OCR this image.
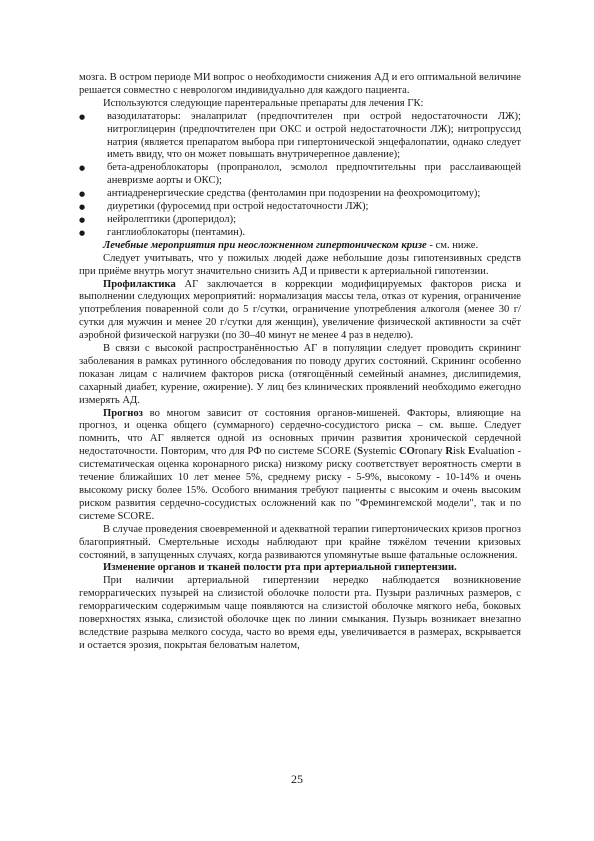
мозга. В остром периоде МИ вопрос о необходимости снижения АД и его оптимальной величине решается совместно с неврологом индивидуально для каждого пациента.

Используются следующие парентеральные препараты для лечения ГК:

●	вазодилататоры: эналаприлат (предпочтителен при острой недостаточности ЛЖ); нитроглицерин (предпочтителен при ОКС и острой недостаточности ЛЖ); нитропруссид натрия (является препаратом выбора при гипертонической энцефалопатии, однако следует иметь ввиду, что он может повышать внутричерепное давление);
●	бета-адреноблокаторы (пропранолол, эсмолол предпочтительны при расслаивающей аневризме аорты и ОКС);
●	антиадренергические средства (фентоламин при подозрении на феохромоцитому);
●	диуретики (фуросемид при острой недостаточности ЛЖ);
●	нейролептики (дроперидол);
●	ганглиоблокаторы (пентамин).

Лечебные мероприятия при неосложненном гипертоническом кризе - см. ниже.

Следует учитывать, что у пожилых людей даже небольшие дозы гипотензивных средств при приёме внутрь могут значительно снизить АД и привести к артериальной гипотензии.

Профилактика АГ заключается в коррекции модифицируемых факторов риска и выполнении следующих мероприятий: нормализация массы тела, отказ от курения, ограничение употребления поваренной соли до 5 г/сутки, ограничение употребления алкоголя (менее 30 г/сутки для мужчин и менее 20 г/сутки для женщин), увеличение физической активности за счёт аэробной физической нагрузки (по 30–40 минут не менее 4 раз в неделю).

В связи с высокой распространённостью АГ в популяции следует проводить скрининг заболевания в рамках рутинного обследования по поводу других состояний. Скрининг особенно показан лицам с наличием факторов риска (отягощённый семейный анамнез, дислипидемия, сахарный диабет, курение, ожирение). У лиц без клинических проявлений необходимо ежегодно измерять АД.

Прогноз во многом зависит от состояния органов-мишеней. Факторы, влияющие на прогноз, и оценка общего (суммарного) сердечно-сосудистого риска – см. выше. Следует помнить, что АГ является одной из основных причин развития хронической сердечной недостаточности. Повторим, что для РФ по системе SCORE (Systemic COronary Risk Evaluation - систематическая оценка коронарного риска) низкому риску соответствует вероятность смерти в течение ближайших 10 лет менее 5%, среднему риску - 5-9%, высокому - 10-14% и очень высокому риску более 15%. Особого внимания требуют пациенты с высоким и очень высоким риском развития сердечно-сосудистых осложнений как по "Фремингемской модели", так и по системе SCORE.

В случае проведения своевременной и адекватной терапии гипертонических кризов прогноз благоприятный. Смертельные исходы наблюдают при крайне тяжёлом течении кризовых состояний, в запущенных случаях, когда развиваются упомянутые выше фатальные осложнения.

Изменение органов и тканей полости рта при артериальной гипертензии.

При наличии артериальной гипертензии нередко наблюдается возникновение геморрагических пузырей на слизистой оболочке полости рта. Пузыри различных размеров, с геморрагическим содержимым чаще появляются на слизистой оболочке мягкого неба, боковых поверхностях языка, слизистой оболочке щек по линии смыкания. Пузырь возникает внезапно вследствие разрыва мелкого сосуда, часто во время еды, увеличивается в размерах, вскрывается и остается эрозия, покрытая беловатым налетом,

25
